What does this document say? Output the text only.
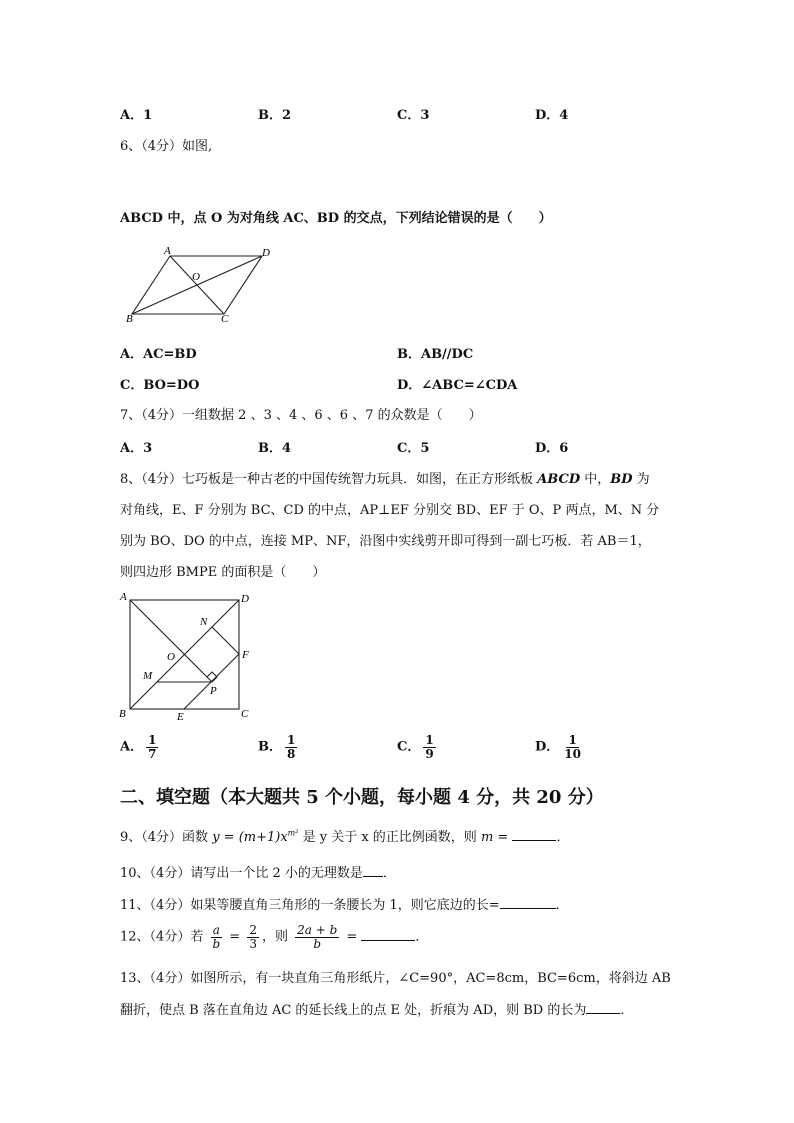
A．1	B．2	C．3	D．4
6、（4分）如图,
ABCD 中，点 O 为对角线 AC、BD 的交点，下列结论错误的是（　　）
A	D
O
B	C
A．AC=BD	B．AB//DC
C．BO=DO	D．∠ABC=∠CDA
7、（4分）一组数据 2 、3 、4 、6 、6 、7 的众数是（　　）
A．3	B．4	C．5	D．6
8、（4分）七巧板是一种古老的中国传统智力玩具．如图，在正方形纸板 ABCD 中，BD 为
对角线，E、F 分别为 BC、CD 的中点，AP⊥EF 分别交 BD、EF 于 O、P 两点，M、N 分
别为 BO、DO 的中点，连接 MP、NF，沿图中实线剪开即可得到一副七巧板．若 AB＝1，
则四边形 BMPE 的面积是（　　）
A	D
N
F
O
M
P
B	E	C
A． $\frac{1}{7}$	B． $\frac{1}{8}$	C． $\frac{1}{9}$	D． $\frac{1}{10}$
二、填空题（本大题共 5 个小题，每小题 4 分，共 20 分）
9、（4分）函数 $y = (m+1)x^{m^2}$ 是 y 关于 x 的正比例函数，则 m =	．
10、（4分）请写出一个比 2 小的无理数是 ．
11、（4分）如果等腰直角三角形的一条腰长为 1，则它底边的长=	．
12、（4分）若 $\frac{a}{b} = \frac{2}{3}$ ，则 $\frac{2a + b}{b}$ =	．
13、（4分）如图所示，有一块直角三角形纸片，∠C=90°，AC=8cm，BC=6cm，将斜边 AB
翻折，使点 B 落在直角边 AC 的延长线上的点 E 处，折痕为 AD，则 BD 的长为	．
